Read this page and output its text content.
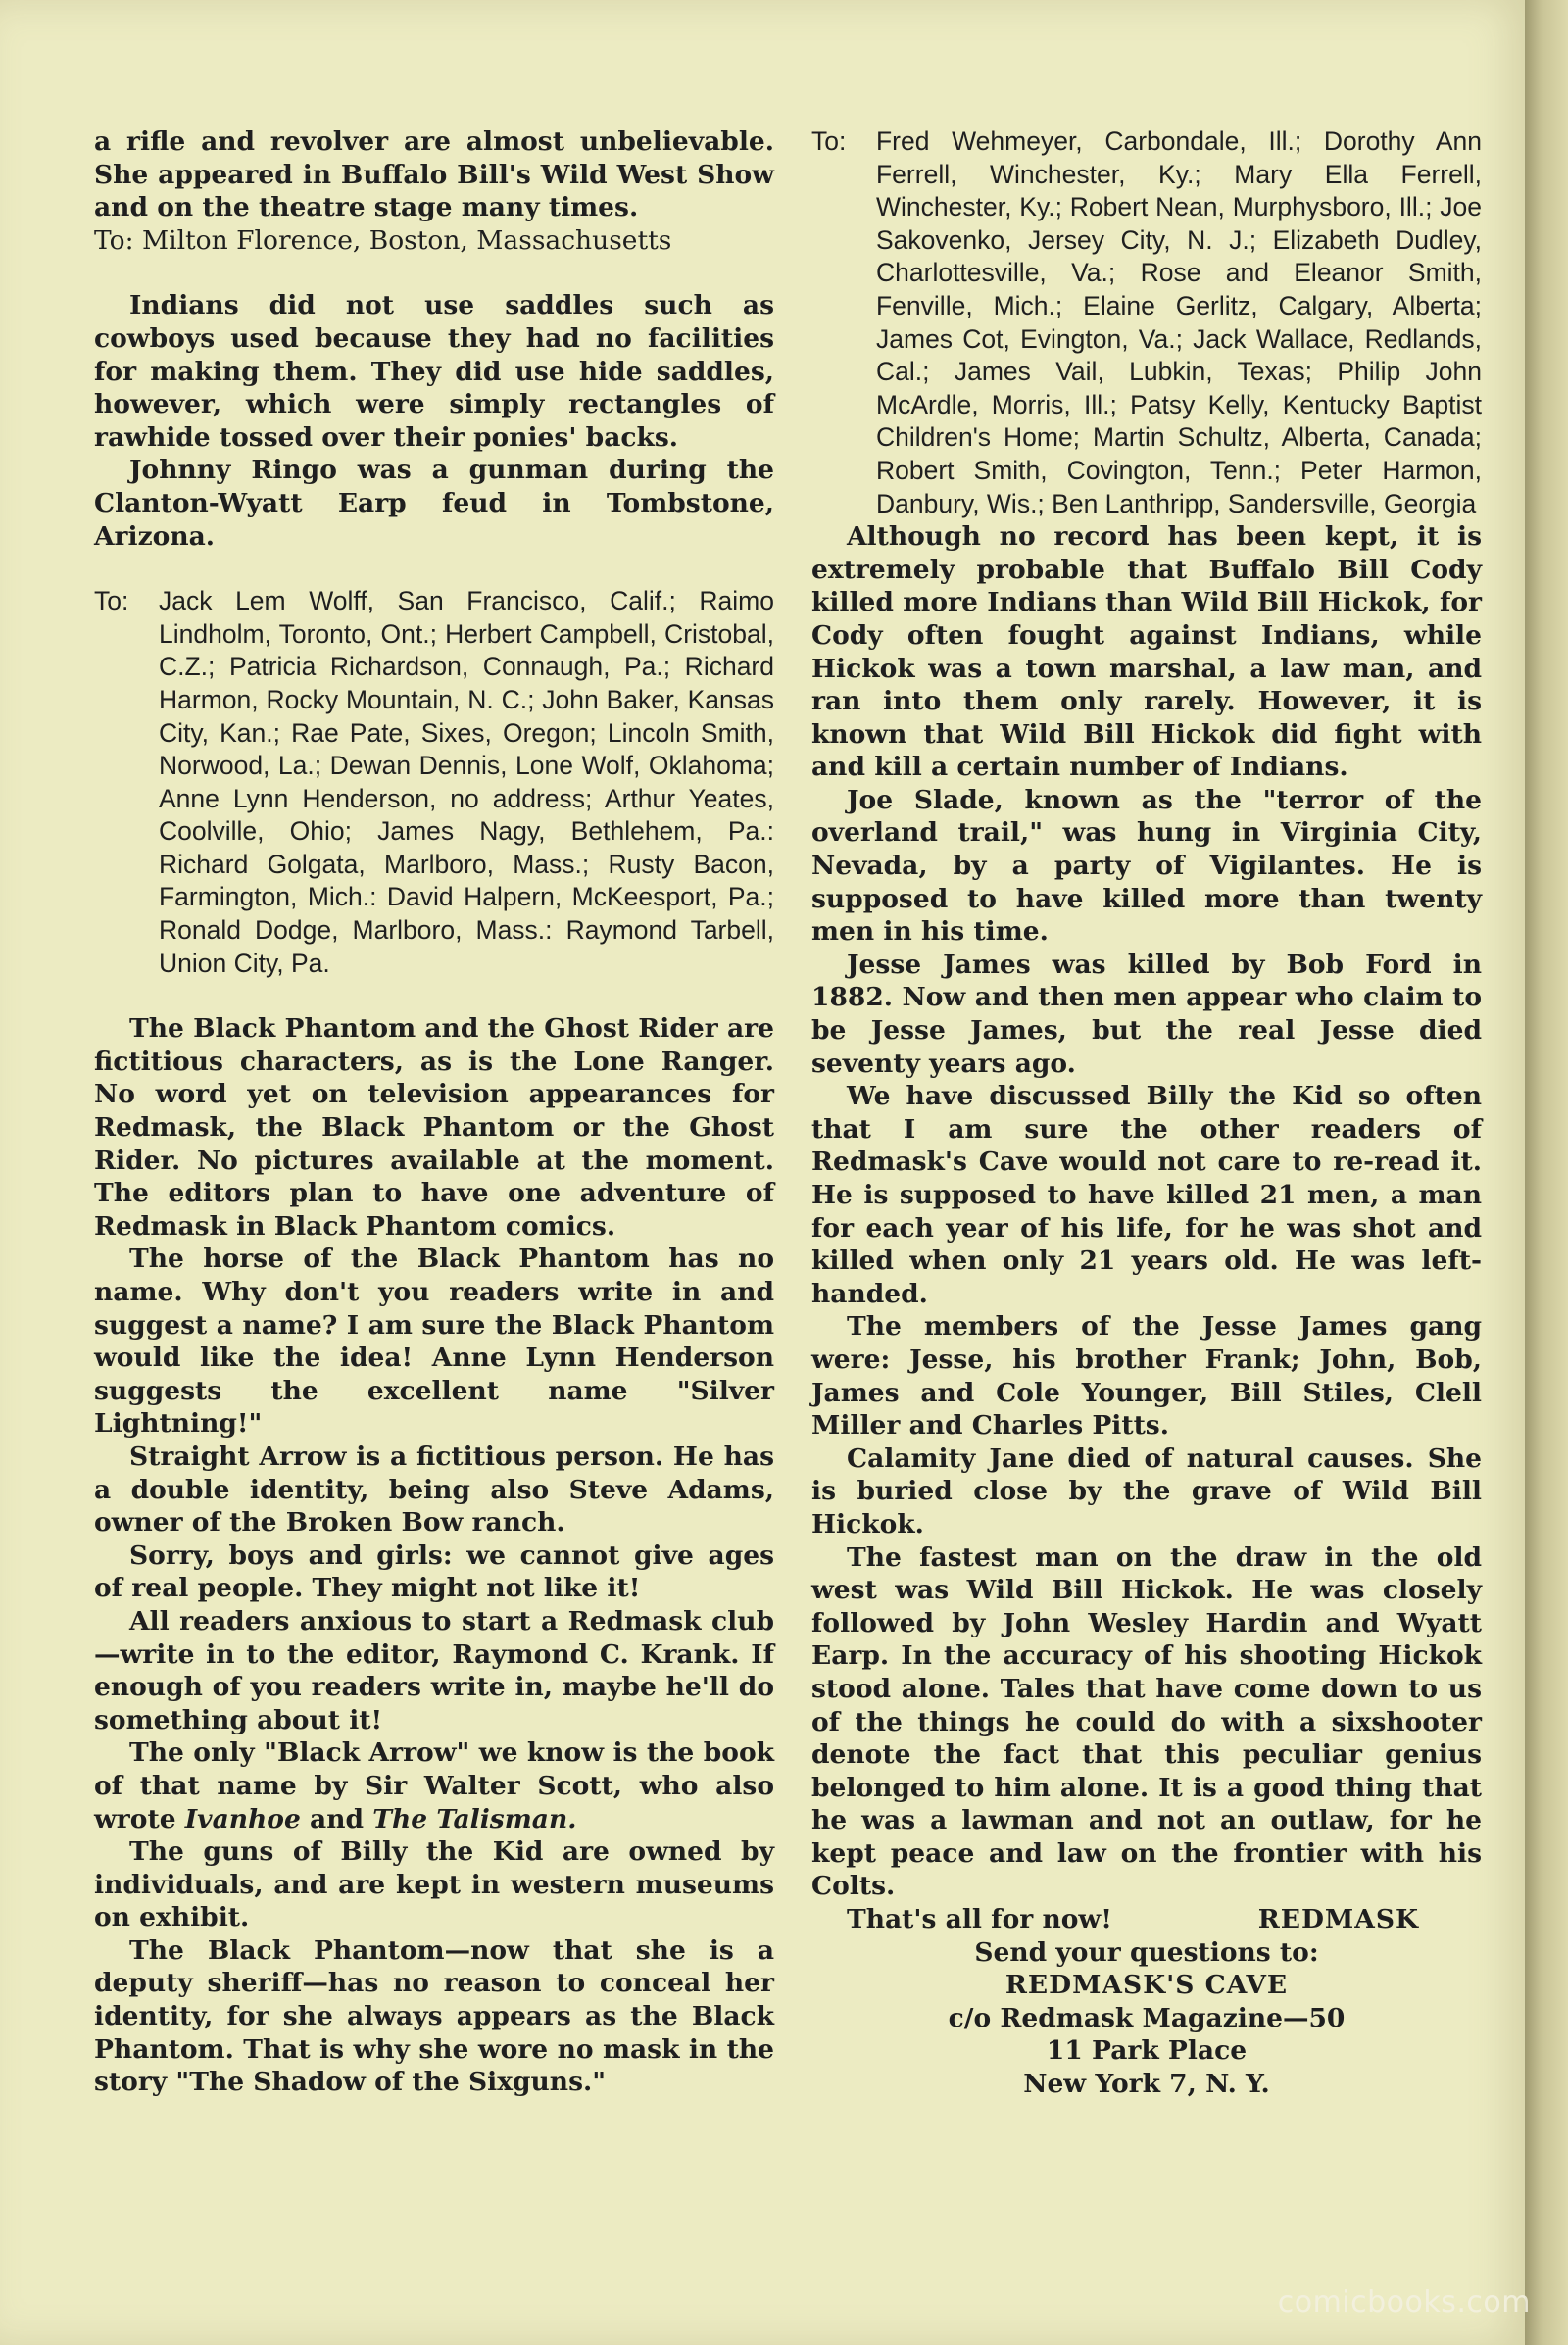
a rifle and revolver are almost unbelievable. She appeared in Buffalo Bill's Wild West Show and on the theatre stage many times.

To: Milton Florence, Boston, Massachusetts

Indians did not use saddles such as cowboys used because they had no facilities for making them. They did use hide saddles, however, which were simply rectangles of rawhide tossed over their ponies' backs.

Johnny Ringo was a gunman during the Clanton-Wyatt Earp feud in Tombstone, Arizona.

To:	Jack Lem Wolff, San Francisco, Calif.; Raimo Lindholm, Toronto, Ont.; Herbert Campbell, Cristobal, C.Z.; Patricia Richardson, Connaugh, Pa.; Richard Harmon, Rocky Mountain, N. C.; John Baker, Kansas City, Kan.; Rae Pate, Sixes, Oregon; Lincoln Smith, Norwood, La.; Dewan Dennis, Lone Wolf, Oklahoma; Anne Lynn Henderson, no address; Arthur Yeates, Coolville, Ohio; James Nagy, Bethlehem, Pa.: Richard Golgata, Marlboro, Mass.; Rusty Bacon, Farmington, Mich.: David Halpern, McKeesport, Pa.; Ronald Dodge, Marlboro, Mass.: Raymond Tarbell, Union City, Pa.

The Black Phantom and the Ghost Rider are fictitious characters, as is the Lone Ranger. No word yet on television appearances for Redmask, the Black Phantom or the Ghost Rider. No pictures available at the moment. The editors plan to have one adventure of Redmask in Black Phantom comics.

The horse of the Black Phantom has no name. Why don't you readers write in and suggest a name? I am sure the Black Phantom would like the idea! Anne Lynn Henderson suggests the excellent name "Silver Lightning!"

Straight Arrow is a fictitious person. He has a double identity, being also Steve Adams, owner of the Broken Bow ranch.

Sorry, boys and girls: we cannot give ages of real people. They might not like it!

All readers anxious to start a Redmask club—write in to the editor, Raymond C. Krank. If enough of you readers write in, maybe he'll do something about it!

The only "Black Arrow" we know is the book of that name by Sir Walter Scott, who also wrote Ivanhoe and The Talisman.

The guns of Billy the Kid are owned by individuals, and are kept in western museums on exhibit.

The Black Phantom—now that she is a deputy sheriff—has no reason to conceal her identity, for she always appears as the Black Phantom. That is why she wore no mask in the story "The Shadow of the Sixguns."

To:	Fred Wehmeyer, Carbondale, Ill.; Dorothy Ann Ferrell, Winchester, Ky.; Mary Ella Ferrell, Winchester, Ky.; Robert Nean, Murphysboro, Ill.; Joe Sakovenko, Jersey City, N. J.; Elizabeth Dudley, Charlottesville, Va.; Rose and Eleanor Smith, Fenville, Mich.; Elaine Gerlitz, Calgary, Alberta; James Cot, Evington, Va.; Jack Wallace, Redlands, Cal.; James Vail, Lubkin, Texas; Philip John McArdle, Morris, Ill.; Patsy Kelly, Kentucky Baptist Children's Home; Martin Schultz, Alberta, Canada; Robert Smith, Covington, Tenn.; Peter Harmon, Danbury, Wis.; Ben Lanthripp, Sandersville, Georgia

Although no record has been kept, it is extremely probable that Buffalo Bill Cody killed more Indians than Wild Bill Hickok, for Cody often fought against Indians, while Hickok was a town marshal, a law man, and ran into them only rarely. However, it is known that Wild Bill Hickok did fight with and kill a certain number of Indians.

Joe Slade, known as the "terror of the overland trail," was hung in Virginia City, Nevada, by a party of Vigilantes. He is supposed to have killed more than twenty men in his time.

Jesse James was killed by Bob Ford in 1882. Now and then men appear who claim to be Jesse James, but the real Jesse died seventy years ago.

We have discussed Billy the Kid so often that I am sure the other readers of Redmask's Cave would not care to re-read it. He is supposed to have killed 21 men, a man for each year of his life, for he was shot and killed when only 21 years old. He was left-handed.

The members of the Jesse James gang were: Jesse, his brother Frank; John, Bob, James and Cole Younger, Bill Stiles, Clell Miller and Charles Pitts.

Calamity Jane died of natural causes. She is buried close by the grave of Wild Bill Hickok.

The fastest man on the draw in the old west was Wild Bill Hickok. He was closely followed by John Wesley Hardin and Wyatt Earp. In the accuracy of his shooting Hickok stood alone. Tales that have come down to us of the things he could do with a sixshooter denote the fact that this peculiar genius belonged to him alone. It is a good thing that he was a lawman and not an outlaw, for he kept peace and law on the frontier with his Colts.

That's all for now!	REDMASK

Send your questions to:

REDMASK'S CAVE

c/o Redmask Magazine—50

11 Park Place

New York 7, N. Y.

comicbooks.com
